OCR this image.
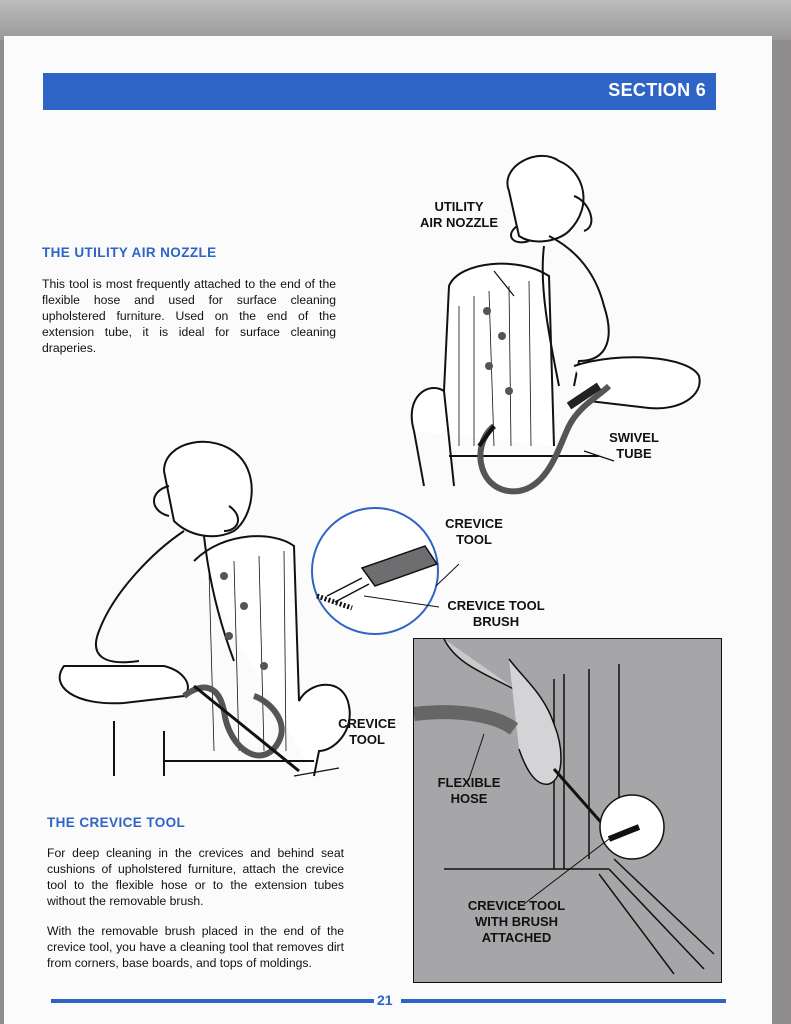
SECTION 6
THE UTILITY AIR NOZZLE

This tool is most frequently attached to the end of the flexible hose and used for surface cleaning upholstered furniture. Used on the end of the extension tube, it is ideal for surface cleaning draperies.

UTILITY
AIR NOZZLE
SWIVEL
TUBE
CREVICE
TOOL
CREVICE
TOOL
CREVICE TOOL
BRUSH
FLEXIBLE
HOSE
CREVICE TOOL
WITH BRUSH
ATTACHED
THE CREVICE TOOL

For deep cleaning in the crevices and behind seat cushions of upholstered furniture, attach the crevice tool to the flexible hose or to the extension tubes without the removable brush.

With the removable brush placed in the end of the crevice tool, you have a cleaning tool that removes dirt from corners, base boards, and tops of moldings.

21
